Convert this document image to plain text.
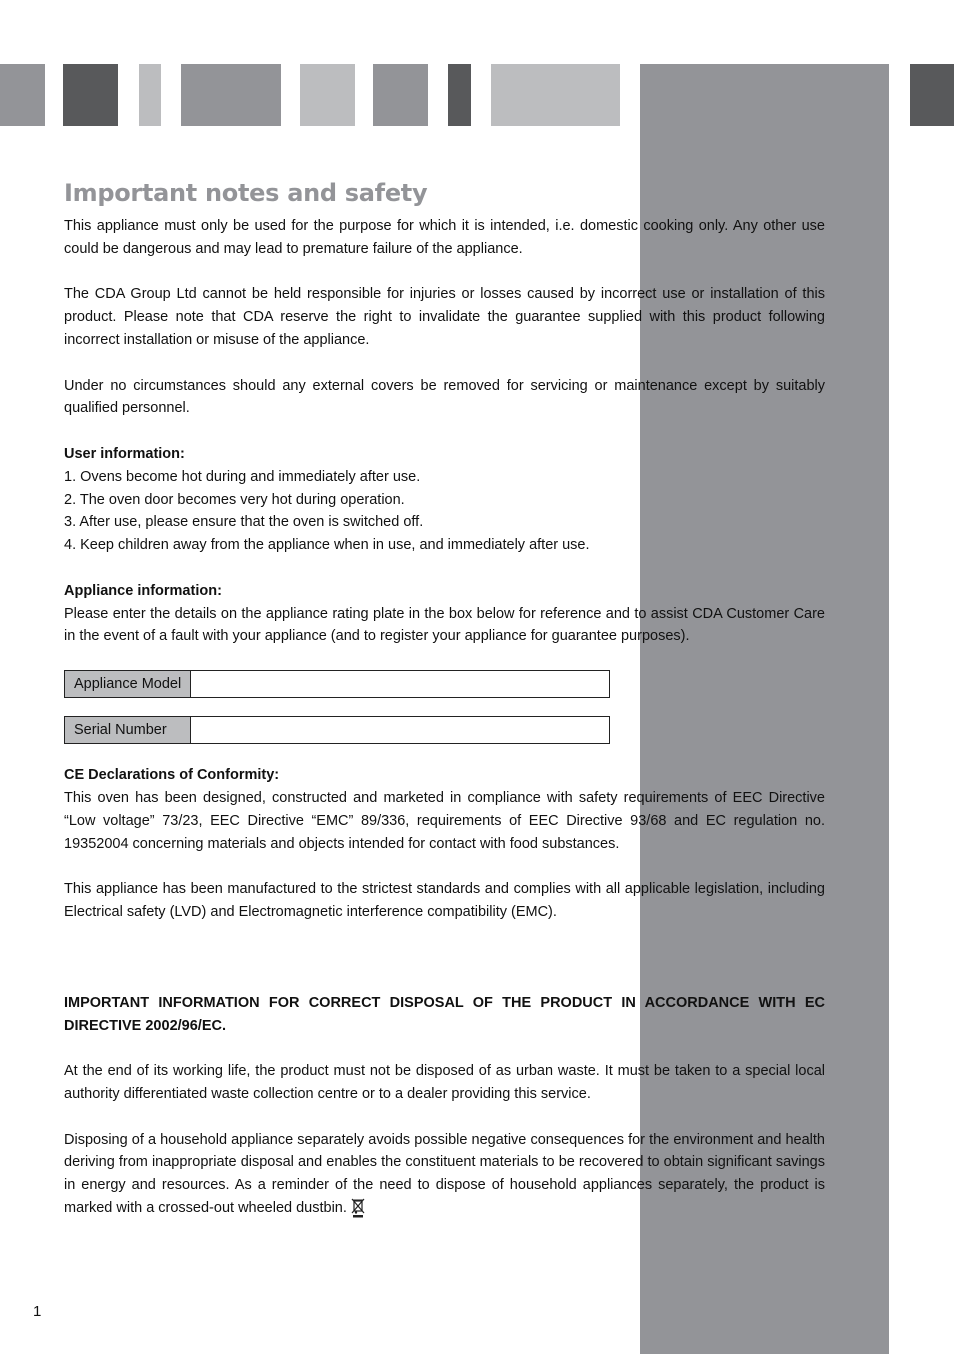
Important notes and safety

This appliance must only be used for the purpose for which it is intended, i.e. domestic cooking only. Any other use could be dangerous and may lead to premature failure of the appliance.

The CDA Group Ltd cannot be held responsible for injuries or losses caused by incorrect use or installation of this product. Please note that CDA reserve the right to invalidate the guarantee supplied with this product following incorrect installation or misuse of the appliance.

Under no circumstances should any external covers be removed for servicing or maintenance except by suitably qualified personnel.

User information:

1. Ovens become hot during and immediately after use.

2. The oven door becomes very hot during operation.

3. After use, please ensure that the oven is switched off.

4. Keep children away from the appliance when in use, and immediately after use.

Appliance information:

Please enter the details on the appliance rating plate in the box below for reference and to assist CDA Customer Care in the event of a fault with your appliance (and to register your appliance for guarantee purposes).

Appliance Model
Serial Number

CE Declarations of Conformity:

This oven has been designed, constructed and marketed in compliance with safety requirements of EEC Directive “Low voltage” 73/23, EEC Directive “EMC” 89/336, requirements of EEC Directive 93/68 and EC regulation no. 19352004 concerning materials and objects intended for contact with food substances.

This appliance has been manufactured to the strictest standards and complies with all applicable legislation, including Electrical safety (LVD) and Electromagnetic interference compatibility (EMC).

IMPORTANT INFORMATION FOR CORRECT DISPOSAL OF THE PRODUCT IN ACCORDANCE WITH EC DIRECTIVE 2002/96/EC.

At the end of its working life, the product must not be disposed of as urban waste. It must be taken to a special local authority differentiated waste collection centre or to a dealer providing this service.

Disposing of a household appliance separately avoids possible negative consequences for the environment and health deriving from inappropriate disposal and enables the constituent materials to be recovered to obtain significant savings in energy and resources. As a reminder of the need to dispose of household appliances separately, the product is marked with a crossed-out wheeled dustbin.

1
